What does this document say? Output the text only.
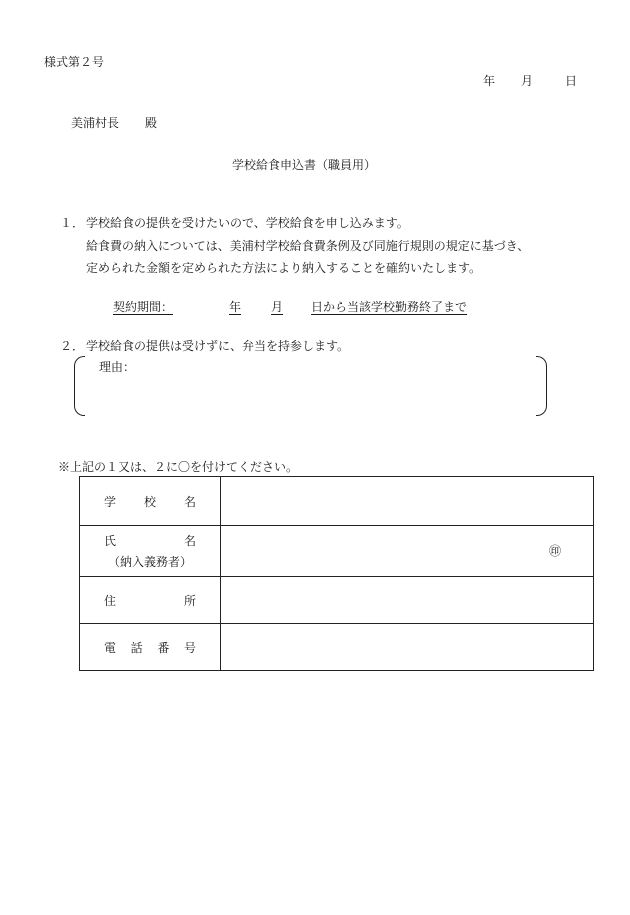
様式第２号
年	月	日
美浦村長 殿
学校給食申込書（職員用）
１． 学校給食の提供を受けたいので、学校給食を申し込みます。
給食費の納入については、美浦村学校給食費条例及び同施行規則の規定に基づき、
定められた金額を定められた方法により納入することを確約いたします。
契約期間：	年	月 日から当該学校勤務終了まで
２． 学校給食の提供は受けずに、弁当を持参します。
理由：
※上記の１又は、２に〇を付けてください。
学校名	
氏名
（納入義務者）	㊞

住所	
電話番号	
